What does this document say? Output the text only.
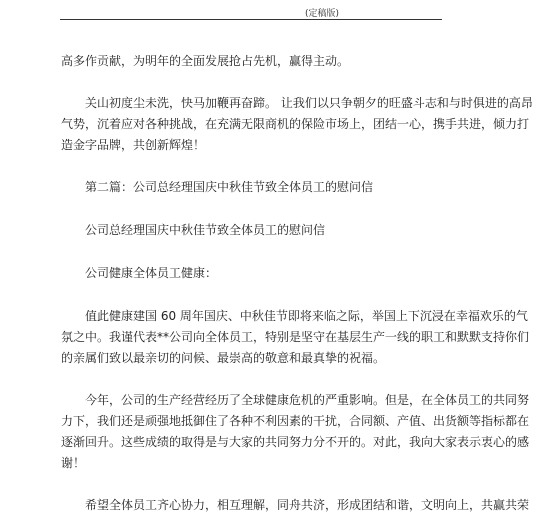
(定稿版)

高多作贡献，为明年的全面发展抢占先机，赢得主动。

关山初度尘未洗，快马加鞭再奋蹄。 让我们以只争朝夕的旺盛斗志和与时俱进的高昂
气势，沉着应对各种挑战，在充满无限商机的保险市场上，团结一心，携手共进，倾力打
造金字品牌，共创新辉煌！

第二篇：公司总经理国庆中秋佳节致全体员工的慰问信

公司总经理国庆中秋佳节致全体员工的慰问信

公司健康全体员工健康：

值此健康建国 60 周年国庆、中秋佳节即将来临之际，举国上下沉浸在幸福欢乐的气
氛之中。我谨代表**公司向全体员工，特别是坚守在基层生产一线的职工和默默支持你们
的亲属们致以最亲切的问候、最崇高的敬意和最真挚的祝福。

今年，公司的生产经营经历了全球健康危机的严重影响。但是，在全体员工的共同努
力下，我们还是顽强地抵御住了各种不利因素的干扰，合同额、产值、出货额等指标都在
逐渐回升。这些成绩的取得是与大家的共同努力分不开的。对此，我向大家表示衷心的感
谢！

希望全体员工齐心协力，相互理解，同舟共济，形成团结和谐，文明向上，共赢共荣
